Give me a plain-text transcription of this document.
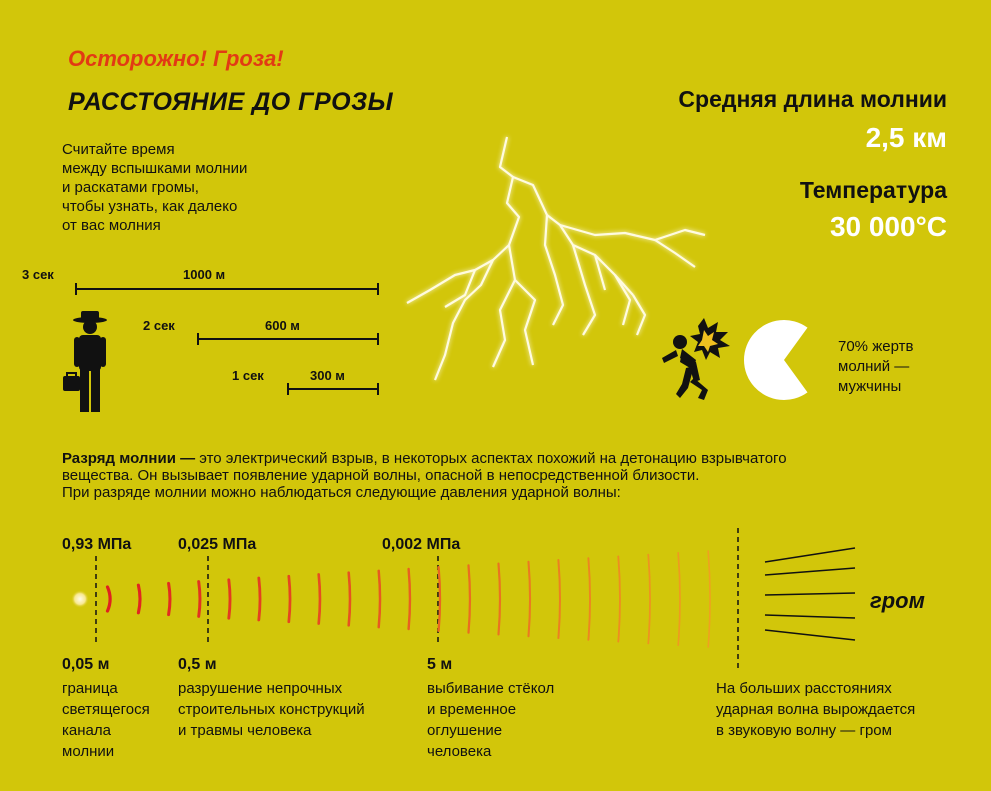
Осторожно! Гроза!
РАССТОЯНИЕ ДО ГРОЗЫ
Считайте время
между вспышками молнии
и раскатами громы,
чтобы узнать, как далеко
от вас молния
3 сек	1000 м
2 сек	600 м
1 сек	300 м
Средняя длина молнии
2,5 км
Температура
30 000°C
70% жертв
молний —
мужчины
Разряд молнии — это электрический взрыв, в некоторых аспектах похожий на детонацию взрывчатого
вещества. Он вызывает появление ударной волны, опасной в непосредственной близости.
При разряде молнии можно наблюдаться следующие давления ударной волны:
0,93 МПа	0,025 МПа	0,002 МПа
гром
0,05 м	0,5 м	5 м
граница
светящегося
канала
молнии
разрушение непрочных
строительных конструкций
и травмы человека
выбивание стёкол
и временное
оглушение
человека
На больших расстояниях
ударная волна вырождается
в звуковую волну — гром
